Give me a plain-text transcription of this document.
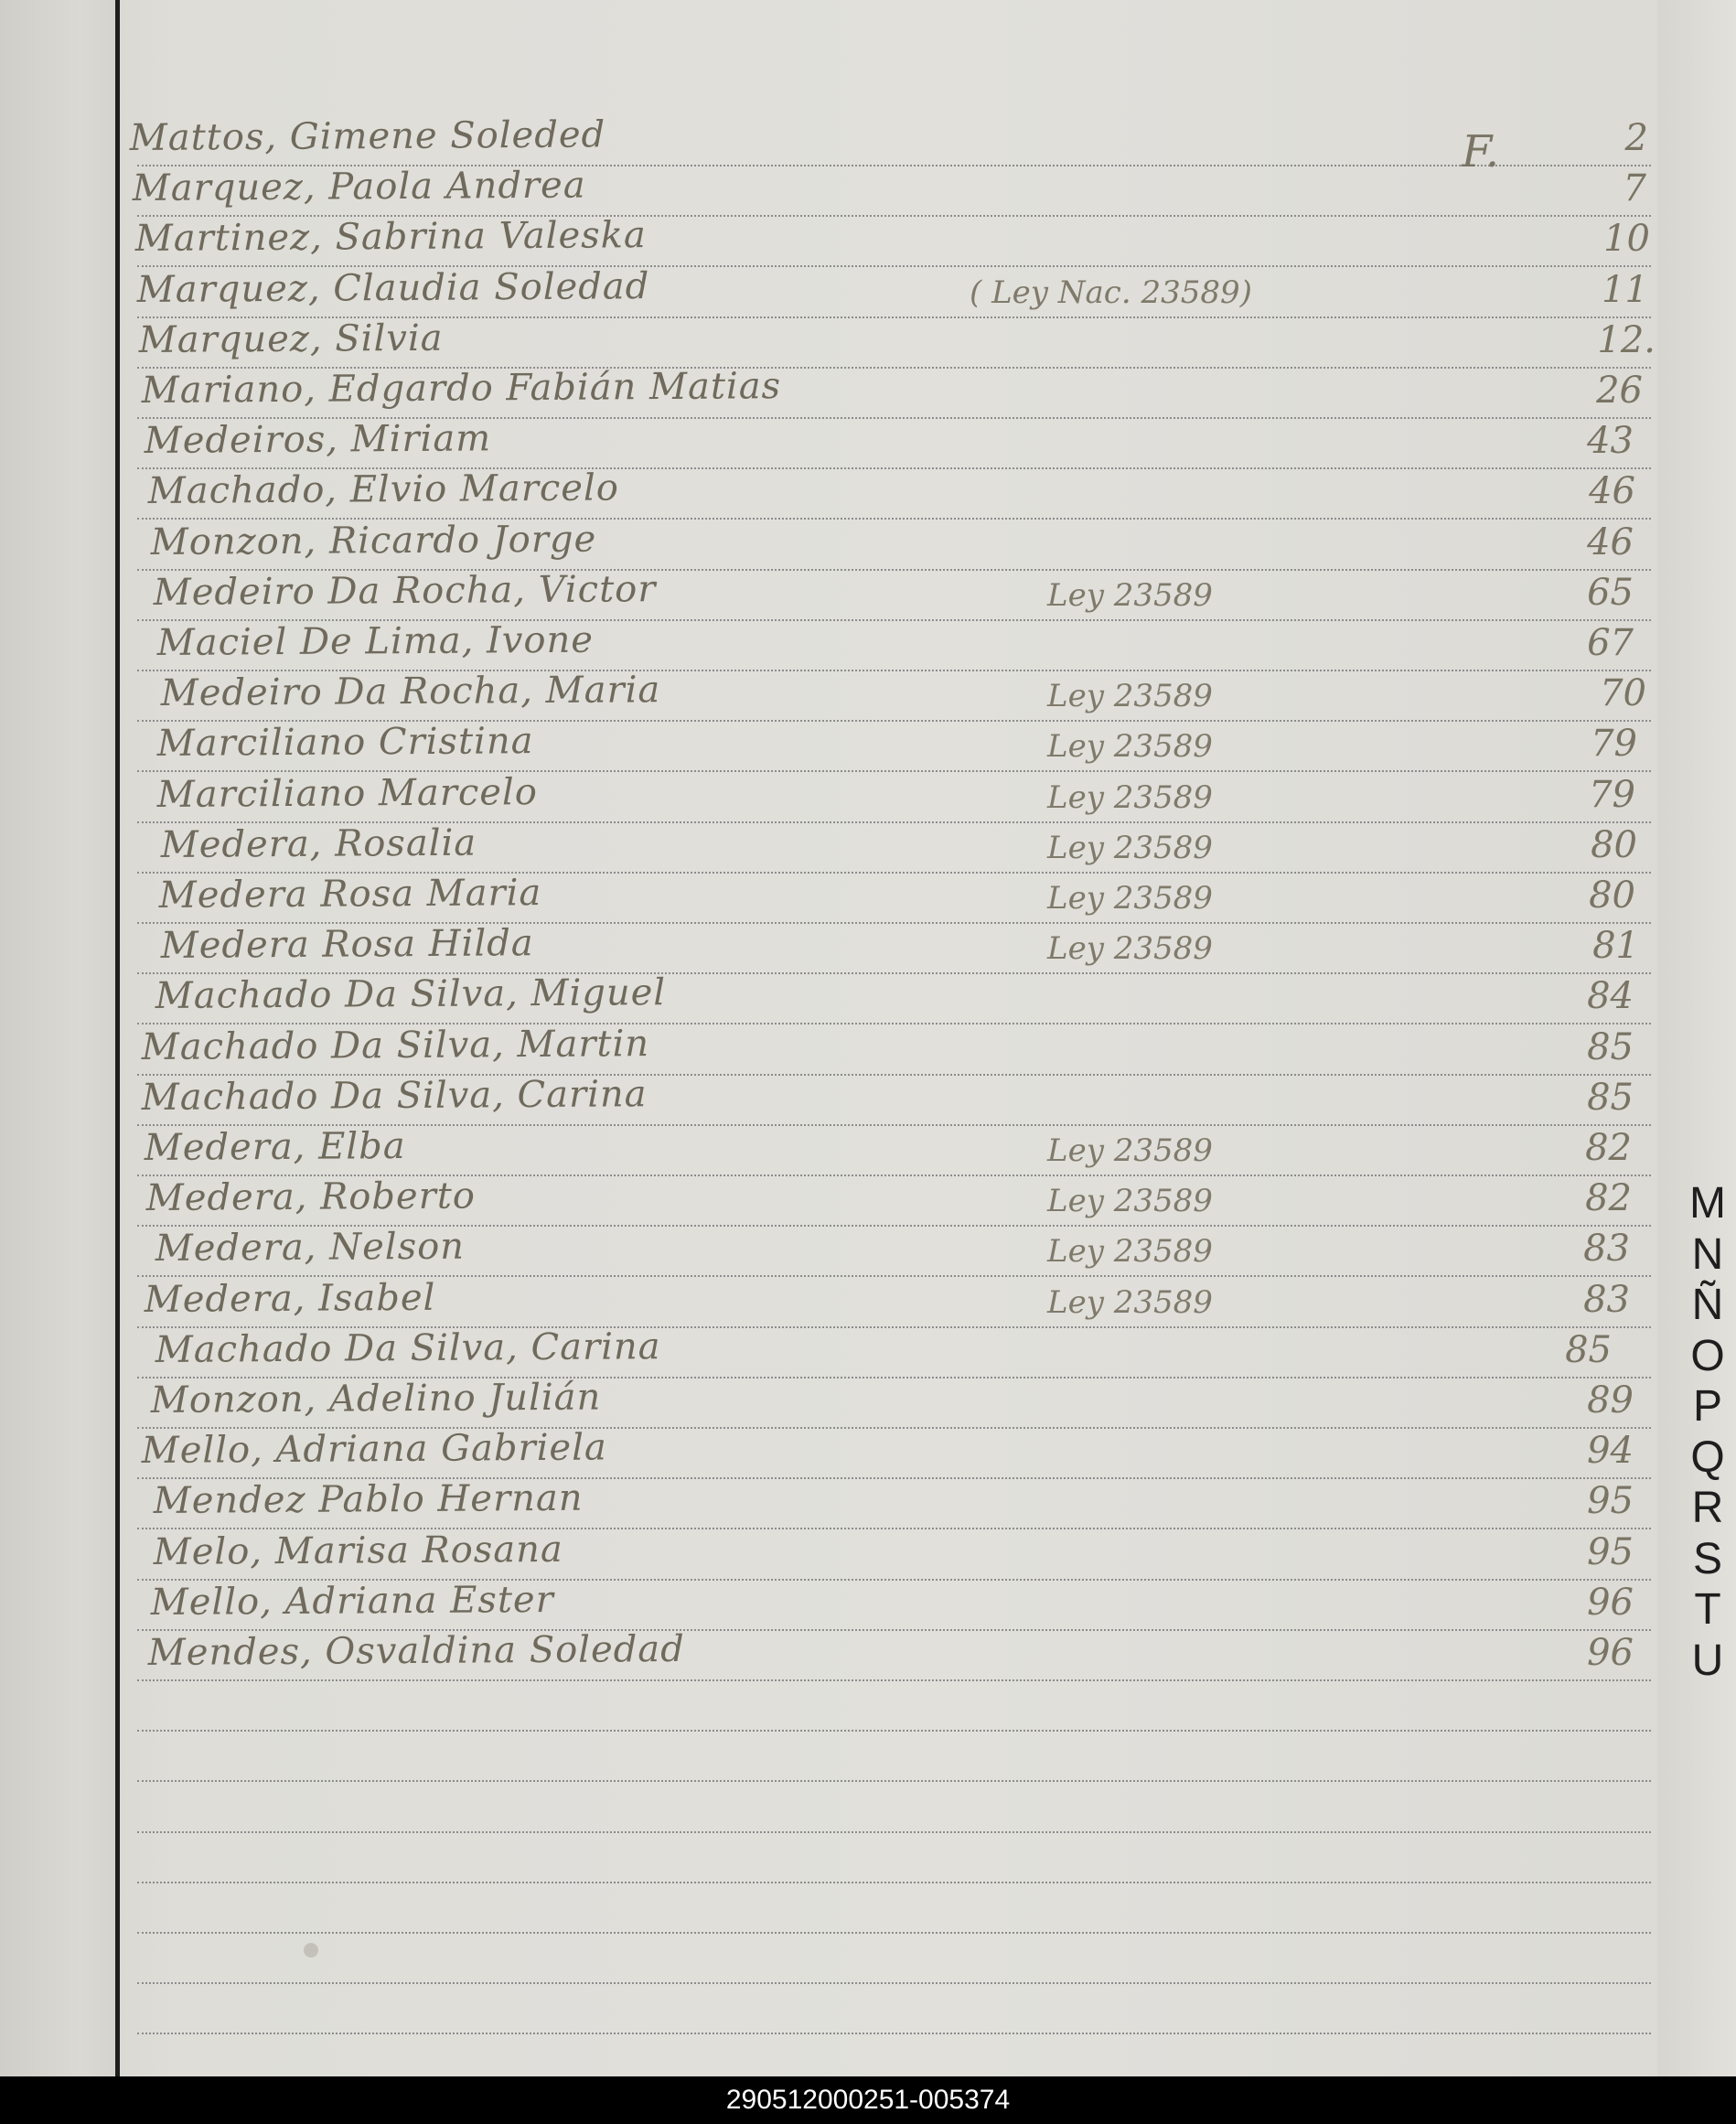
F.
Mattos, Gimene Soleded	2
Marquez, Paola Andrea	7
Martinez, Sabrina Valeska	10
Marquez, Claudia Soledad	( Ley Nac. 23589)	11
Marquez, Silvia	12.
Mariano, Edgardo Fabián Matias	26
Medeiros, Miriam	43
Machado, Elvio Marcelo	46
Monzon, Ricardo Jorge	46
Medeiro Da Rocha, Victor	Ley 23589	65
Maciel De Lima, Ivone	67
Medeiro Da Rocha, Maria	Ley 23589	70
Marciliano Cristina	Ley 23589	79
Marciliano Marcelo	Ley 23589	79
Medera, Rosalia	Ley 23589	80
Medera Rosa Maria	Ley 23589	80
Medera Rosa Hilda	Ley 23589	81
Machado Da Silva, Miguel	84
Machado Da Silva, Martin	85
Machado Da Silva, Carina	85
Medera, Elba	Ley 23589	82
Medera, Roberto	Ley 23589	82
Medera, Nelson	Ley 23589	83
Medera, Isabel	Ley 23589	83
Machado Da Silva, Carina	85
Monzon, Adelino Julián	89
Mello, Adriana Gabriela	94
Mendez Pablo Hernan	95
Melo, Marisa Rosana	95
Mello, Adriana Ester	96
Mendes, Osvaldina Soledad	96
M
N
Ñ
O
P
Q
R
S
T
U
290512000251-005374
